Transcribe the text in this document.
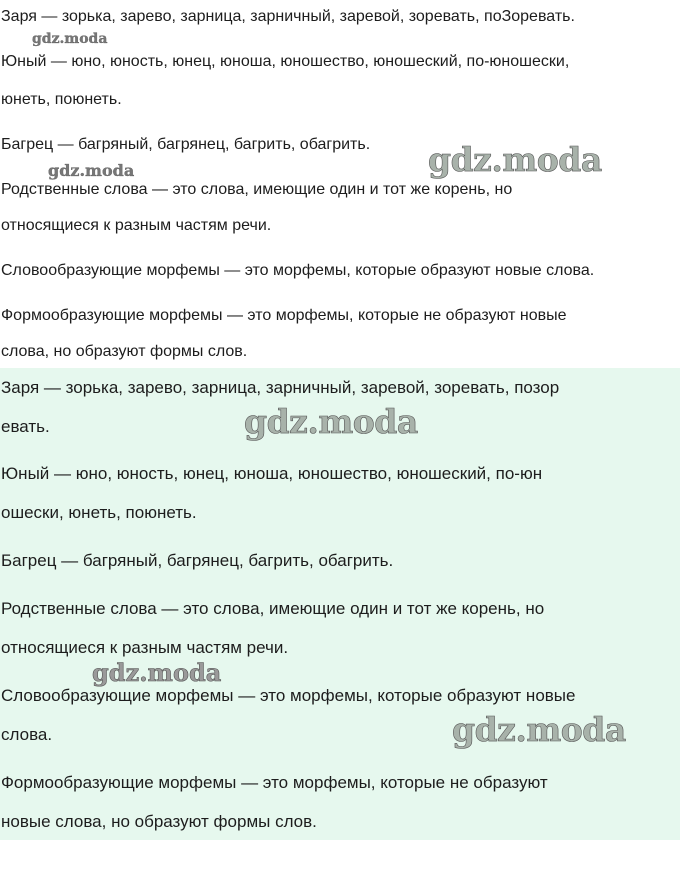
Заря — зорька, зарево, зарница, зарничный, заревой, зоревать, поЗоревать.
Юный — юно, юность, юнец, юноша, юношество, юношеский, по-юношески,
юнеть, поюнеть.
Багрец — багряный, багрянец, багрить, обагрить.
Родственные слова — это слова, имеющие один и тот же корень, но
относящиеся к разным частям речи.
Словообразующие морфемы — это морфемы, которые образуют новые слова.
Формообразующие морфемы — это морфемы, которые не образуют новые
слова, но образуют формы слов.
gdz.moda
gdz.moda	gdz.moda
Заря — зорька, зарево, зарница, зарничный, заревой, зоревать, позор
евать.
Юный — юно, юность, юнец, юноша, юношество, юношеский, по-юн
ошески, юнеть, поюнеть.
Багрец — багряный, багрянец, багрить, обагрить.
Родственные слова — это слова, имеющие один и тот же корень, но
относящиеся к разным частям речи.
Словообразующие морфемы — это морфемы, которые образуют новые
слова.
Формообразующие морфемы — это морфемы, которые не образуют
новые слова, но образуют формы слов.
gdz.moda
gdz.moda
gdz.moda
